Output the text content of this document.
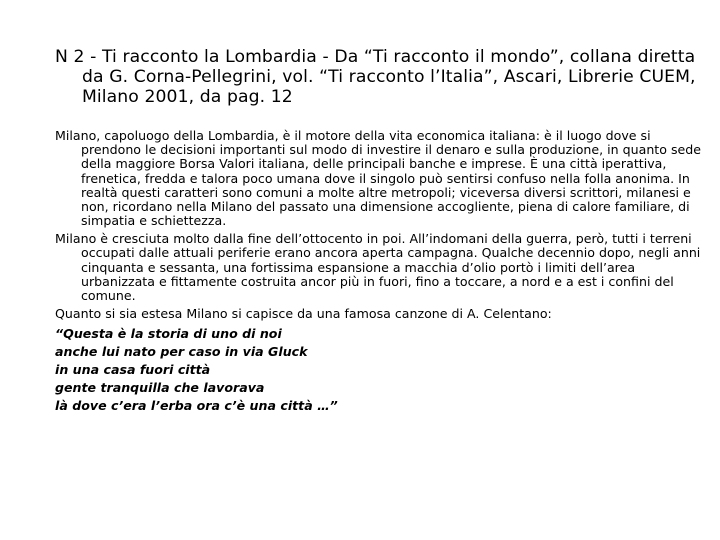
N 2 - Ti racconto la Lombardia - Da “Ti racconto il mondo”, collana diretta da G. Corna-Pellegrini, vol. “Ti racconto l’Italia”, Ascari, Librerie CUEM, Milano 2001, da pag. 12

Milano, capoluogo della Lombardia, è il motore della vita economica italiana: è il luogo dove si prendono le decisioni importanti sul modo di investire il denaro e sulla produzione, in quanto sede della maggiore Borsa Valori italiana, delle principali banche e imprese. È una città iperattiva, frenetica, fredda e talora poco umana dove il singolo può sentirsi confuso nella folla anonima. In realtà questi caratteri sono comuni a molte altre metropoli; viceversa diversi scrittori, milanesi e non, ricordano nella Milano del passato una dimensione accogliente, piena di calore familiare, di simpatia e schiettezza.

Milano è cresciuta molto dalla fine dell’ottocento in poi. All’indomani della guerra, però, tutti i terreni occupati dalle attuali periferie erano ancora aperta campagna. Qualche decennio dopo, negli anni cinquanta e sessanta, una fortissima espansione a macchia d’olio portò i limiti dell’area urbanizzata e fittamente costruita ancor più in fuori, fino a toccare, a nord e a est i confini del comune.

Quanto si sia estesa Milano si capisce da una famosa canzone di A. Celentano:

“Questa è la storia di uno di noi
anche lui nato per caso in via Gluck
in una casa fuori città
gente tranquilla che lavorava
là dove c’era l’erba ora c’è una città …”
